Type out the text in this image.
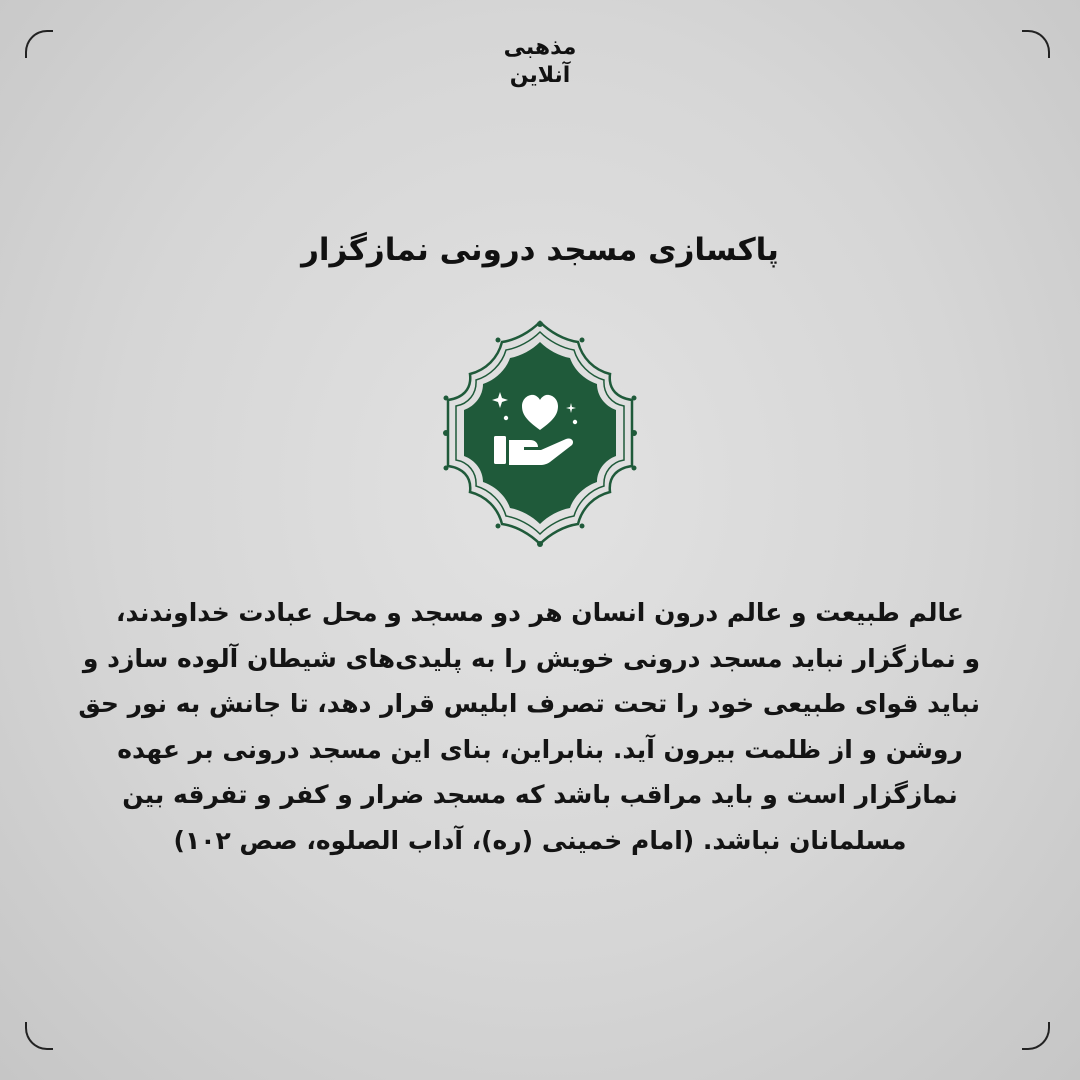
مذهبی
آنلاین
پاکسازی مسجد درونی نمازگزار
عالم طبیعت و عالم درون انسان هر دو مسجد و محل عبادت خداوندند،
و نمازگزار نباید مسجد درونی خویش را به پلیدی‌های شیطان آلوده سازد و
نباید قوای طبیعی خود را تحت تصرف ابلیس قرار دهد، تا جانش به نور حق
روشن و از ظلمت بیرون آید. بنابراین، بنای این مسجد درونی بر عهده
نمازگزار است و باید مراقب باشد که مسجد ضرار و کفر و تفرقه بین
مسلمانان نباشد. (امام خمینی (ره)، آداب الصلوه، صص ۱۰۲)
